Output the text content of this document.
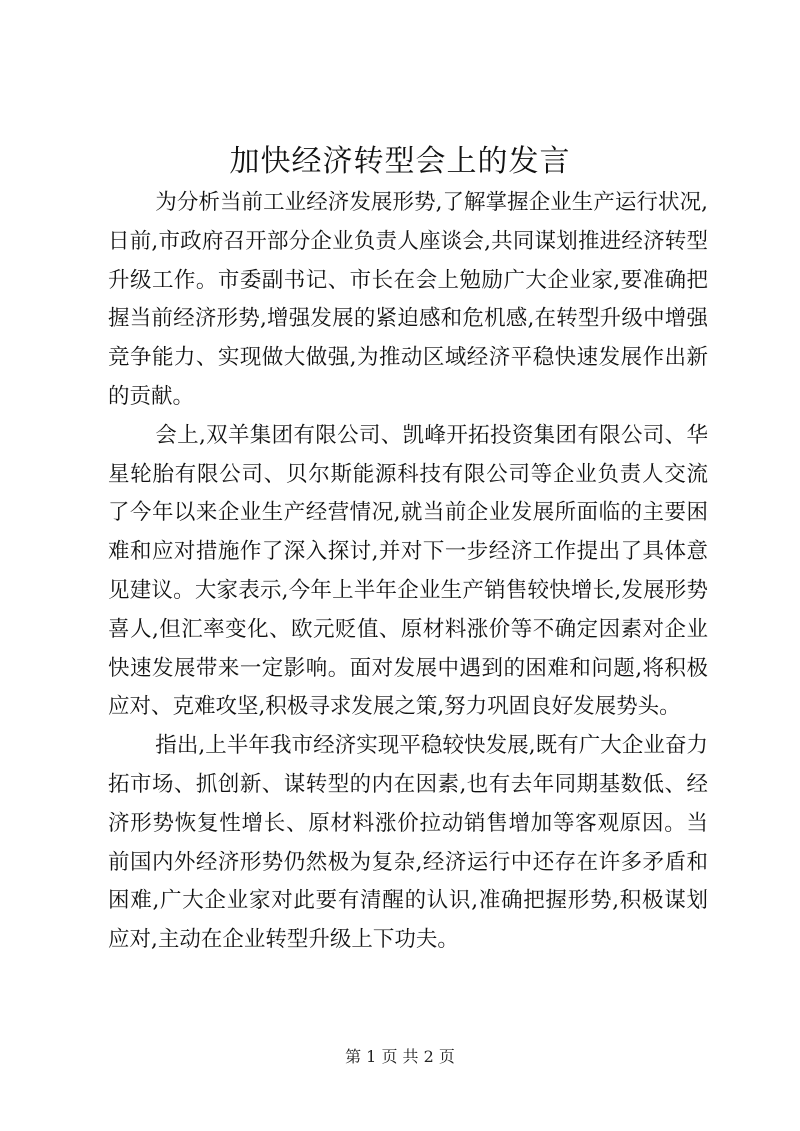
加快经济转型会上的发言

为分析当前工业经济发展形势,了解掌握企业生产运行状况,日前,市政府召开部分企业负责人座谈会,共同谋划推进经济转型升级工作。市委副书记、市长在会上勉励广大企业家,要准确把握当前经济形势,增强发展的紧迫感和危机感,在转型升级中增强竞争能力、实现做大做强,为推动区域经济平稳快速发展作出新的贡献。

会上,双羊集团有限公司、凯峰开拓投资集团有限公司、华星轮胎有限公司、贝尔斯能源科技有限公司等企业负责人交流了今年以来企业生产经营情况,就当前企业发展所面临的主要困难和应对措施作了深入探讨,并对下一步经济工作提出了具体意见建议。大家表示,今年上半年企业生产销售较快增长,发展形势喜人,但汇率变化、欧元贬值、原材料涨价等不确定因素对企业快速发展带来一定影响。面对发展中遇到的困难和问题,将积极应对、克难攻坚,积极寻求发展之策,努力巩固良好发展势头。

指出,上半年我市经济实现平稳较快发展,既有广大企业奋力拓市场、抓创新、谋转型的内在因素,也有去年同期基数低、经济形势恢复性增长、原材料涨价拉动销售增加等客观原因。当前国内外经济形势仍然极为复杂,经济运行中还存在许多矛盾和困难,广大企业家对此要有清醒的认识,准确把握形势,积极谋划应对,主动在企业转型升级上下功夫。

第 1 页 共 2 页
